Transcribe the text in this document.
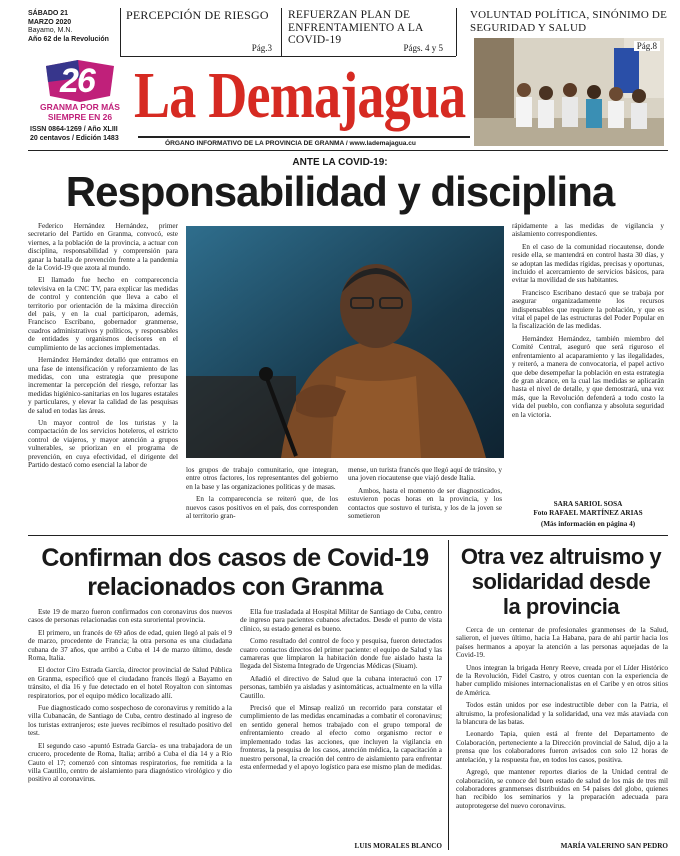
SÁBADO 21
MARZO 2020
Bayamo, M.N.
Año 62 de la Revolución
PERCEPCIÓN DE RIESGO
Pág.3
REFUERZAN PLAN DE ENFRENTAMIENTO A LA COVID-19
Págs. 4 y 5
VOLUNTAD POLÍTICA, SINÓNIMO DE SEGURIDAD Y SALUD
Pág.8
26
GRANMA POR MÁS
SIEMPRE EN 26
ISSN 0864-1269 / Año XLIII
20 centavos / Edición 1483
La Demajagua
ÓRGANO INFORMATIVO DE LA PROVINCIA DE GRANMA / www.lademajagua.cu
ANTE LA COVID-19:
Responsabilidad y disciplina

Federico Hernández Hernández, primer secretario del Partido en Granma, convocó, este viernes, a la población de la provincia, a actuar con disciplina, responsabilidad y comprensión para ganar la batalla de prevención frente a la pandemia de la Covid-19 que azota al mundo.

El llamado fue hecho en comparecencia televisiva en la CNC TV, para explicar las medidas de control y contención que lleva a cabo el territorio por orientación de la máxima dirección del país, y en la cual participaron, además, Francisco Escribano, gobernador granmense, cuadros administrativos y políticos, y responsables de entidades y organismos decisores en el cumplimiento de las acciones implementadas.

Hernández Hernández detalló que entramos en una fase de intensificación y reforzamiento de las medidas, con una estrategia que presupone incrementar la percepción del riesgo, reforzar las medidas higiénico-sanitarias en los lugares estatales y particulares, y elevar la calidad de las pesquisas de salud en todas las áreas.

Un mayor control de los turistas y la compactación de los servicios hoteleros, el estricto control de viajeros, y mayor atención a grupos vulnerables, se priorizan en el programa de prevención, en cuya efectividad, el dirigente del Partido destacó como esencial la labor de

los grupos de trabajo comunitario, que integran, entre otros factores, los representantes del gobierno en la base y las organizaciones políticas y de masas.

En la comparecencia se reiteró que, de los nuevos casos positivos en el país, dos corresponden al territorio gran-

mense, un turista francés que llegó aquí de tránsito, y una joven riocautense que viajó desde Italia.

Ambos, hasta el momento de ser diagnosticados, estuvieron pocas horas en la provincia, y los contactos que sostuvo el turista, y los de la joven se sometieron

rápidamente a las medidas de vigilancia y aislamiento correspondientes.

En el caso de la comunidad riocautense, donde reside ella, se mantendrá en control hasta 30 días, y se adoptan las medidas rígidas, precisas y oportunas, incluido el acercamiento de servicios básicos, para evitar la movilidad de sus habitantes.

Francisco Escribano destacó que se trabaja por asegurar organizadamente los recursos indispensables que requiere la población, y que es vital el papel de las estructuras del Poder Popular en la fiscalización de las medidas.

Hernández Hernández, también miembro del Comité Central, aseguró que será riguroso el enfrentamiento al acaparamiento y las ilegalidades, y reiteró, a manera de convocatoria, el papel activo que debe desempeñar la población en esta estrategia de gran alcance, en la cual las medidas se aplicarán hasta el nivel de detalle, y que demostrará, una vez más, que la Revolución defenderá a todo costo la vida del pueblo, con confianza y absoluta seguridad en la victoria.

SARA SARIOL SOSA
Foto RAFAEL MARTÍNEZ ARIAS
(Más información en página 4)
Confirman dos casos de Covid-19
relacionados con Granma

Este 19 de marzo fueron confirmados con coronavirus dos nuevos casos de personas relacionadas con esta suroriental provincia.

El primero, un francés de 69 años de edad, quien llegó al país el 9 de marzo, procedente de Francia; la otra persona es una ciudadana cubana de 37 años, que arribó a Cuba el 14 de marzo último, desde Roma, Italia.

El doctor Ciro Estrada García, director provincial de Salud Pública en Granma, especificó que el ciudadano francés llegó a Bayamo en tránsito, el día 16 y fue detectado en el hotel Royalton con síntomas respiratorios, por el equipo médico localizado allí.

Fue diagnosticado como sospechoso de coronavirus y remitido a la villa Cubanacán, de Santiago de Cuba, centro destinado al ingreso de los turistas extranjeros; este jueves recibimos el resultado positivo del test.

El segundo caso -apuntó Estrada García- es una trabajadora de un crucero, procedente de Roma, Italia; arribó a Cuba el día 14 y a Río Cauto el 17; comenzó con síntomas respiratorios, fue remitida a la villa Cautillo, centro de aislamiento para diagnóstico virológico y dio positivo al coronavirus.

Ella fue trasladada al Hospital Militar de Santiago de Cuba, centro de ingreso para pacientes cubanos afectados. Desde el punto de vista clínico, su estado general es bueno.

Como resultado del control de foco y pesquisa, fueron detectados cuatro contactos directos del primer paciente: el equipo de Salud y las camareras que limpiaron la habitación donde fue aislado hasta la llegada del Sistema Integrado de Urgencias Médicas (Siuam).

Añadió el directivo de Salud que la cubana interactuó con 17 personas, también ya aisladas y asintomáticas, actualmente en la villa Cautillo.

Precisó que el Minsap realizó un recorrido para constatar el cumplimiento de las medidas encaminadas a combatir el coronavirus; en sentido general hemos trabajado con el grupo temporal de enfrentamiento creado al efecto como organismo rector e implementado todas las acciones, que incluyen la vigilancia en fronteras, la pesquisa de los casos, atención médica, la capacitación a nuestro personal, la creación del centro de aislamiento para enfrentar esta enfermedad y el apoyo logístico para ese mismo plan de medidas.

LUIS MORALES BLANCO
Otra vez altruismo y
solidaridad desde
la provincia

Cerca de un centenar de profesionales granmenses de la Salud, salieron, el jueves último, hacia La Habana, para de ahí partir hacia los países hermanos a apoyar la atención a las personas aquejadas de la Covid-19.

Unos integran la brigada Henry Reeve, creada por el Líder Histórico de la Revolución, Fidel Castro, y otros cuentan con la experiencia de haber cumplido misiones internacionalistas en el Caribe y en otros sitios de América.

Todos están unidos por ese indestructible deber con la Patria, el altruismo, la profesionalidad y la solidaridad, una vez más ataviada con la blancura de las batas.

Leonardo Tapia, quien está al frente del Departamento de Colaboración, perteneciente a la Dirección provincial de Salud, dijo a la prensa que los colaboradores fueron avisados con solo 12 horas de antelación, y la respuesta fue, en todos los casos, positiva.

Agregó, que mantener reportes diarios de la Unidad central de colaboración, se conoce del buen estado de salud de los más de tres mil colaboradores granmenses distribuidos en 54 países del globo, quienes han recibido los seminarios y la preparación adecuada para autoprotegerse del nuevo coronavirus.

MARÍA VALERINO SAN PEDRO
